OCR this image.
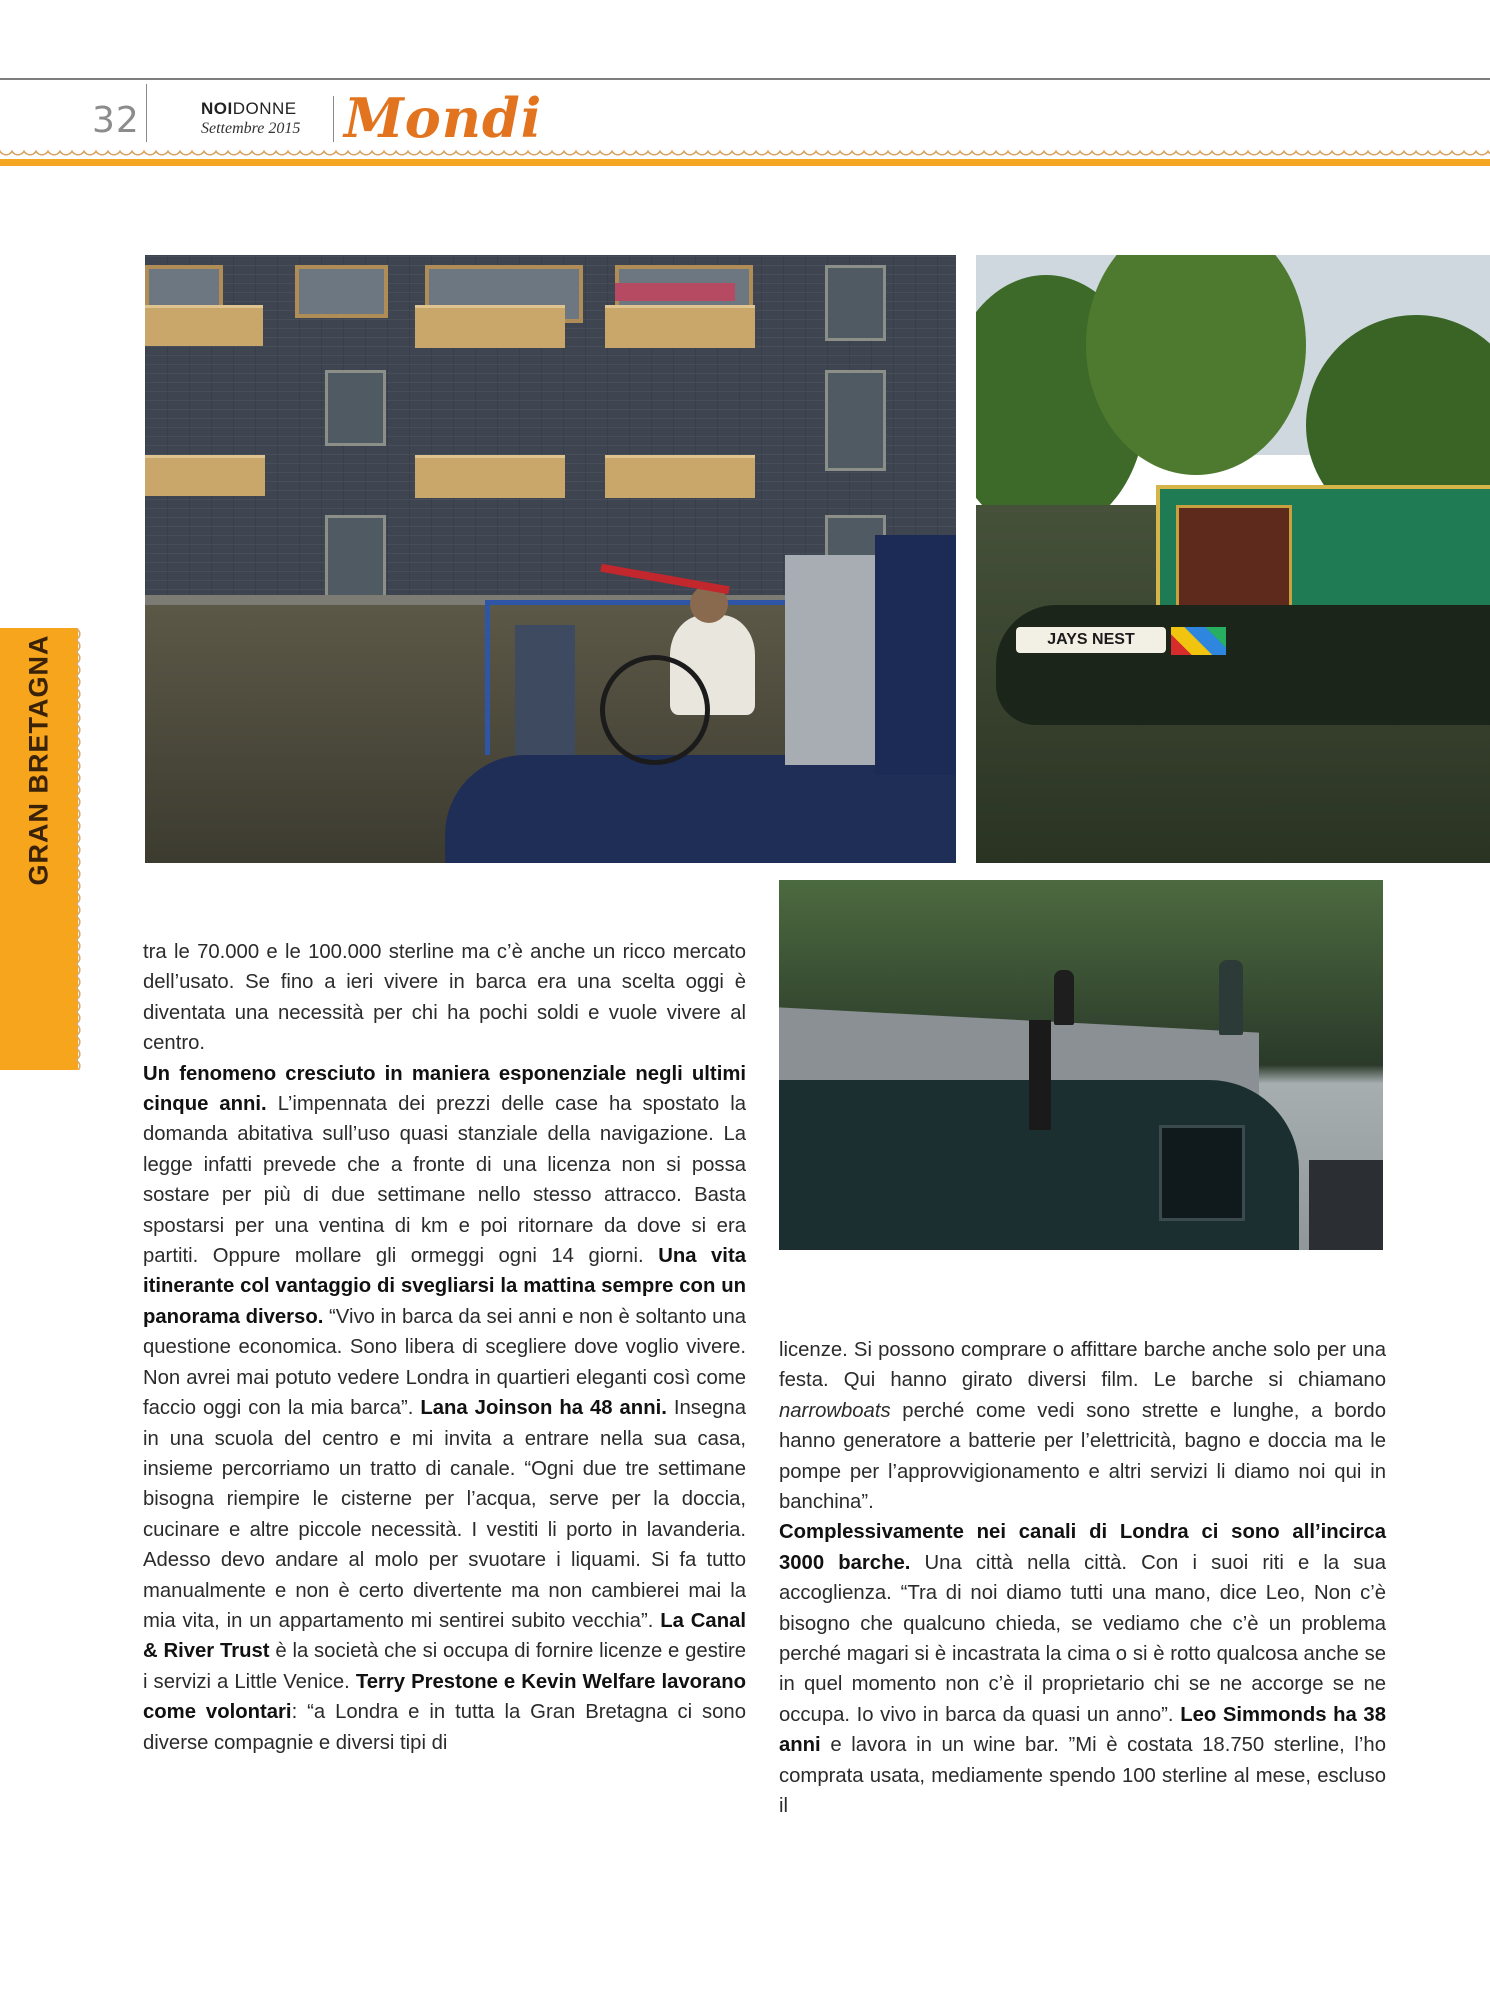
32	NOIDONNE
Settembre 2015 Mondi
GRAN BRETAGNA	JAYS NEST

tra le 70.000 e le 100.000 sterline ma c’è anche un ricco mercato dell’usato. Se fino a ieri vivere in barca era una scelta oggi è diventata una necessità per chi ha pochi soldi e vuole vivere al centro.

Un fenomeno cresciuto in maniera esponenziale negli ultimi cinque anni. L’impennata dei prezzi delle case ha spostato la domanda abitativa sull’uso quasi stanziale della navigazione. La legge infatti prevede che a fronte di una licenza non si possa sostare per più di due settimane nello stesso attracco. Basta spostarsi per una ventina di km e poi ritornare da dove si era partiti. Oppure mollare gli ormeggi ogni 14 giorni. Una vita itinerante col vantaggio di svegliarsi la mattina sempre con un panorama diverso. “Vivo in barca da sei anni e non è soltanto una questione economica. Sono libera di scegliere dove voglio vivere. Non avrei mai potuto vedere Londra in quartieri eleganti così come faccio oggi con la mia barca”. Lana Joinson ha 48 anni. Insegna in una scuola del centro e mi invita a entrare nella sua casa, insieme percorriamo un tratto di canale. “Ogni due tre settimane bisogna riempire le cisterne per l’acqua, serve per la doccia, cucinare e altre piccole necessità. I vestiti li porto in lavanderia. Adesso devo andare al molo per svuotare i liquami. Si fa tutto manualmente e non è certo divertente ma non cambierei mai la mia vita, in un appartamento mi sentirei subito vecchia”. La Canal & River Trust è la società che si occupa di fornire licenze e gestire i servizi a Little Venice. Terry Prestone e Kevin Welfare lavorano come volontari: “a Londra e in tutta la Gran Bretagna ci sono diverse compagnie e diversi tipi di

licenze. Si possono comprare o affittare barche anche solo per una festa. Qui hanno girato diversi film. Le barche si chiamano narrowboats perché come vedi sono strette e lunghe, a bordo hanno generatore a batterie per l’elettricità, bagno e doccia ma le pompe per l’approvvigionamento e altri servizi li diamo noi qui in banchina”.

Complessivamente nei canali di Londra ci sono all’incirca 3000 barche. Una città nella città. Con i suoi riti e la sua accoglienza. “Tra di noi diamo tutti una mano, dice Leo, Non c’è bisogno che qualcuno chieda, se vediamo che c’è un problema perché magari si è incastrata la cima o si è rotto qualcosa anche se in quel momento non c’è il proprietario chi se ne accorge se ne occupa. Io vivo in barca da quasi un anno”. Leo Simmonds ha 38 anni e lavora in un wine bar. ”Mi è costata 18.750 sterline, l’ho comprata usata, mediamente spendo 100 sterline al mese, escluso il
